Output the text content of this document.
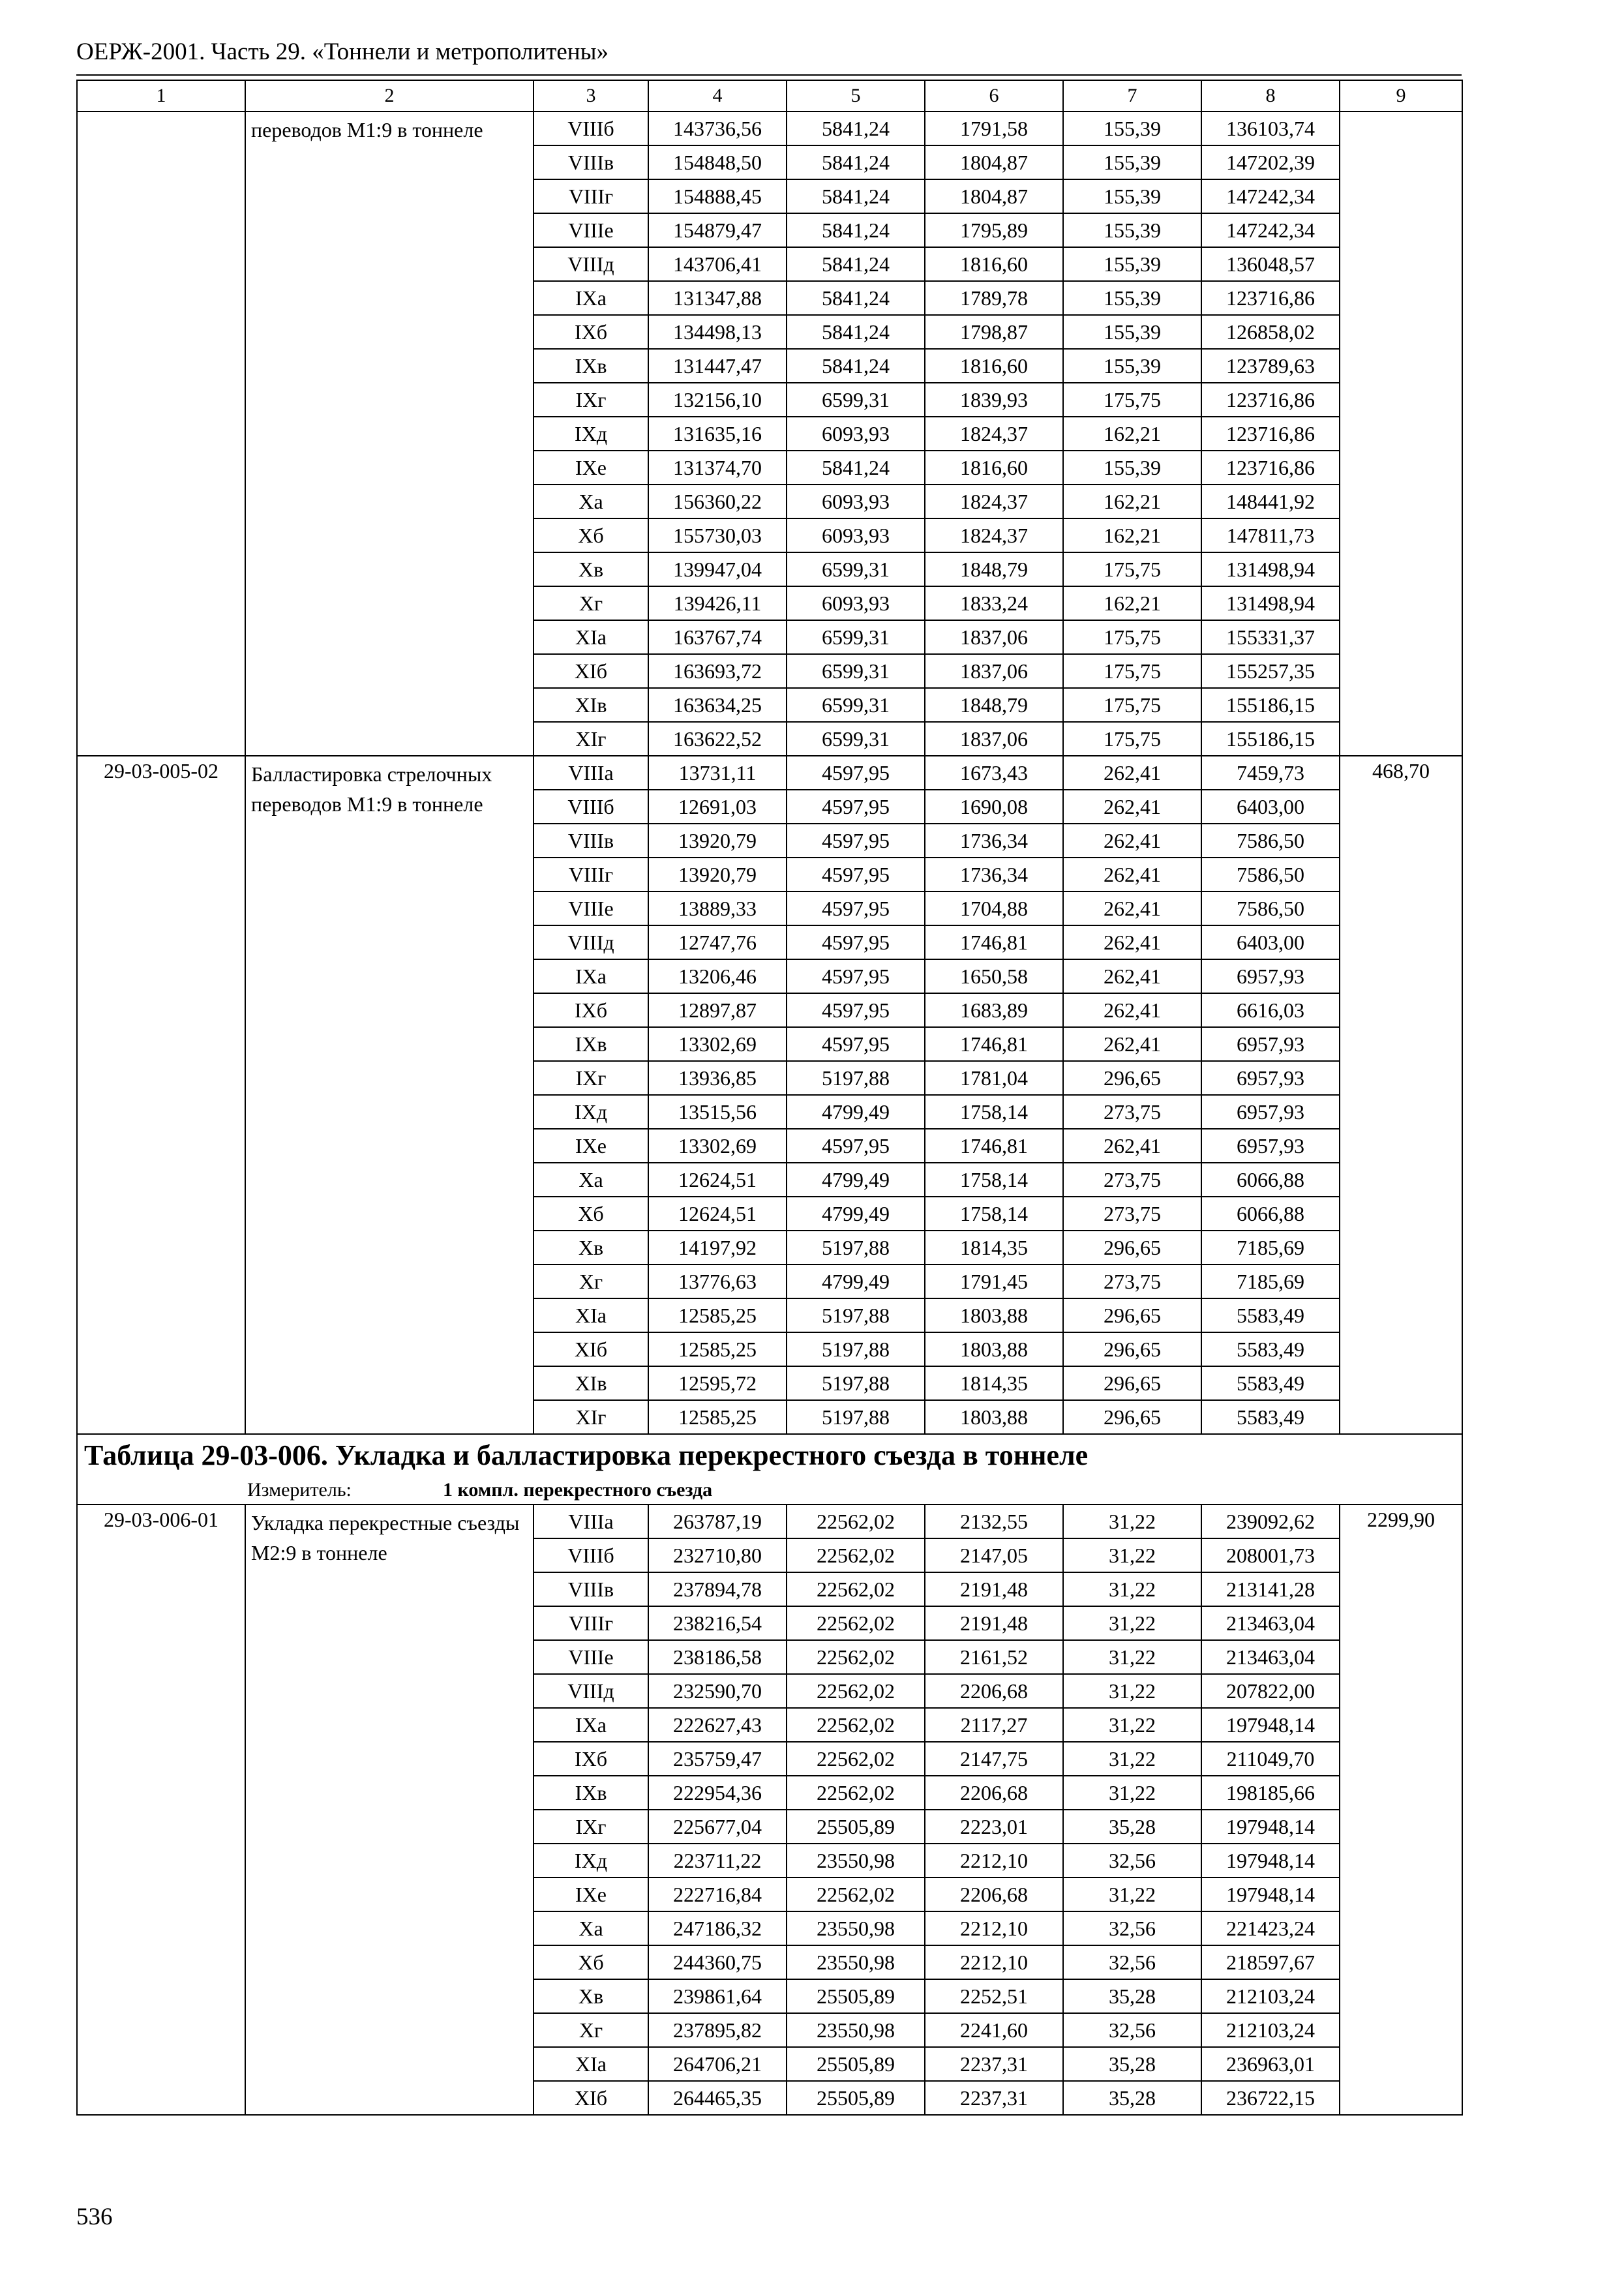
ОЕРЖ-2001. Часть 29. «Тоннели и метрополитены»
1	2	3	4	5	6	7	8	9
	переводов М1:9 в тоннеле	VIIIб	143736,56	5841,24	1791,58	155,39	136103,74	
		VIIIв	154848,50	5841,24	1804,87	155,39	147202,39	
		VIIIг	154888,45	5841,24	1804,87	155,39	147242,34	
		VIIIе	154879,47	5841,24	1795,89	155,39	147242,34	
		VIIIд	143706,41	5841,24	1816,60	155,39	136048,57	
		IXа	131347,88	5841,24	1789,78	155,39	123716,86	
		IXб	134498,13	5841,24	1798,87	155,39	126858,02	
		IXв	131447,47	5841,24	1816,60	155,39	123789,63	
		IXг	132156,10	6599,31	1839,93	175,75	123716,86	
		IXд	131635,16	6093,93	1824,37	162,21	123716,86	
		IXе	131374,70	5841,24	1816,60	155,39	123716,86	
		Xа	156360,22	6093,93	1824,37	162,21	148441,92	
		Xб	155730,03	6093,93	1824,37	162,21	147811,73	
		Xв	139947,04	6599,31	1848,79	175,75	131498,94	
		Xг	139426,11	6093,93	1833,24	162,21	131498,94	
		XIа	163767,74	6599,31	1837,06	175,75	155331,37	
		XIб	163693,72	6599,31	1837,06	175,75	155257,35	
		XIв	163634,25	6599,31	1848,79	175,75	155186,15	
		XIг	163622,52	6599,31	1837,06	175,75	155186,15	
29-03-005-02	Балластировка стрелочных переводов М1:9 в тоннеле	VIIIа	13731,11	4597,95	1673,43	262,41	7459,73	468,70
		VIIIб	12691,03	4597,95	1690,08	262,41	6403,00	
		VIIIв	13920,79	4597,95	1736,34	262,41	7586,50	
		VIIIг	13920,79	4597,95	1736,34	262,41	7586,50	
		VIIIе	13889,33	4597,95	1704,88	262,41	7586,50	
		VIIIд	12747,76	4597,95	1746,81	262,41	6403,00	
		IXа	13206,46	4597,95	1650,58	262,41	6957,93	
		IXб	12897,87	4597,95	1683,89	262,41	6616,03	
		IXв	13302,69	4597,95	1746,81	262,41	6957,93	
		IXг	13936,85	5197,88	1781,04	296,65	6957,93	
		IXд	13515,56	4799,49	1758,14	273,75	6957,93	
		IXе	13302,69	4597,95	1746,81	262,41	6957,93	
		Xа	12624,51	4799,49	1758,14	273,75	6066,88	
		Xб	12624,51	4799,49	1758,14	273,75	6066,88	
		Xв	14197,92	5197,88	1814,35	296,65	7185,69	
		Xг	13776,63	4799,49	1791,45	273,75	7185,69	
		XIа	12585,25	5197,88	1803,88	296,65	5583,49	
		XIб	12585,25	5197,88	1803,88	296,65	5583,49	
		XIв	12595,72	5197,88	1814,35	296,65	5583,49	
		XIг	12585,25	5197,88	1803,88	296,65	5583,49	
Таблица 29-03-006. Укладка и балластировка перекрестного съезда в тоннеле								
Измеритель: 1 компл. перекрестного съезда								
29-03-006-01	Укладка перекрестные съезды М2:9 в тоннеле	VIIIа	263787,19	22562,02	2132,55	31,22	239092,62	2299,90
		VIIIб	232710,80	22562,02	2147,05	31,22	208001,73	
		VIIIв	237894,78	22562,02	2191,48	31,22	213141,28	
		VIIIг	238216,54	22562,02	2191,48	31,22	213463,04	
		VIIIе	238186,58	22562,02	2161,52	31,22	213463,04	
		VIIIд	232590,70	22562,02	2206,68	31,22	207822,00	
		IXа	222627,43	22562,02	2117,27	31,22	197948,14	
		IXб	235759,47	22562,02	2147,75	31,22	211049,70	
		IXв	222954,36	22562,02	2206,68	31,22	198185,66	
		IXг	225677,04	25505,89	2223,01	35,28	197948,14	
		IXд	223711,22	23550,98	2212,10	32,56	197948,14	
		IXе	222716,84	22562,02	2206,68	31,22	197948,14	
		Xа	247186,32	23550,98	2212,10	32,56	221423,24	
		Xб	244360,75	23550,98	2212,10	32,56	218597,67	
		Xв	239861,64	25505,89	2252,51	35,28	212103,24	
		Xг	237895,82	23550,98	2241,60	32,56	212103,24	
		XIа	264706,21	25505,89	2237,31	35,28	236963,01	
		XIб	264465,35	25505,89	2237,31	35,28	236722,15	
536
